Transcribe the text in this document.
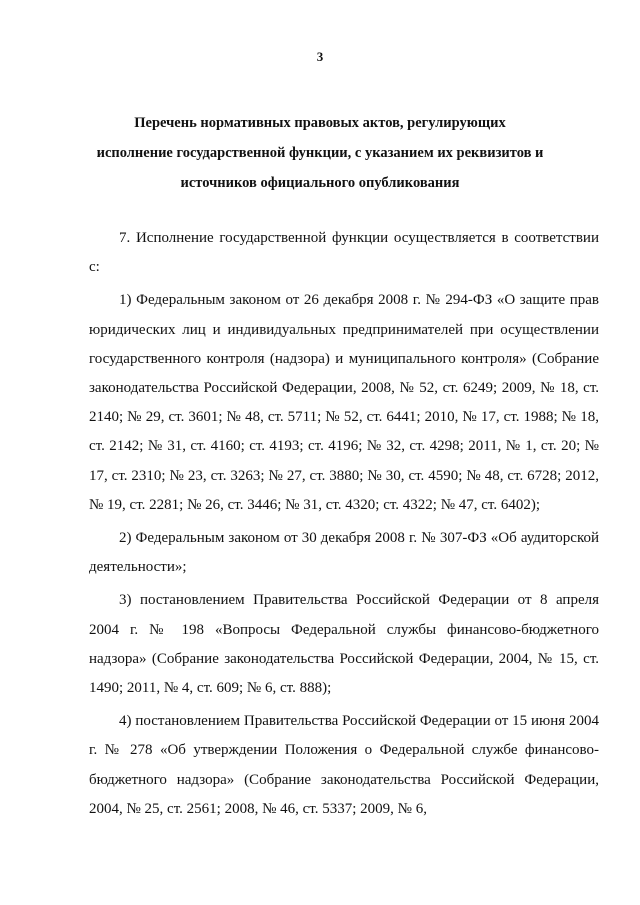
3
Перечень нормативных правовых актов, регулирующих исполнение государственной функции, с указанием их реквизитов и источников официального опубликования

7. Исполнение государственной функции осуществляется в соответствии с:

1) Федеральным законом от 26 декабря 2008 г. № 294-ФЗ «О защите прав юридических лиц и индивидуальных предпринимателей при осуществлении государственного контроля (надзора) и муниципального контроля» (Собрание законодательства Российской Федерации, 2008, № 52, ст. 6249; 2009, № 18, ст. 2140; № 29, ст. 3601; № 48, ст. 5711; № 52, ст. 6441; 2010, № 17, ст. 1988; № 18, ст. 2142; № 31, ст. 4160; ст. 4193; ст. 4196; № 32, ст. 4298; 2011, № 1, ст. 20; № 17, ст. 2310; № 23, ст. 3263; № 27, ст. 3880; № 30, ст. 4590; № 48, ст. 6728; 2012, № 19, ст. 2281; № 26, ст. 3446; № 31, ст. 4320; ст. 4322; № 47, ст. 6402);

2) Федеральным законом от 30 декабря 2008 г. № 307-ФЗ «Об аудиторской деятельности»;

3) постановлением Правительства Российской Федерации от 8 апреля 2004 г. № 198 «Вопросы Федеральной службы финансово-бюджетного надзора» (Собрание законодательства Российской Федерации, 2004, № 15, ст. 1490; 2011, № 4, ст. 609; № 6, ст. 888);

4) постановлением Правительства Российской Федерации от 15 июня 2004 г. № 278 «Об утверждении Положения о Федеральной службе финансово-бюджетного надзора» (Собрание законодательства Российской Федерации, 2004, № 25, ст. 2561; 2008, № 46, ст. 5337; 2009, № 6,
